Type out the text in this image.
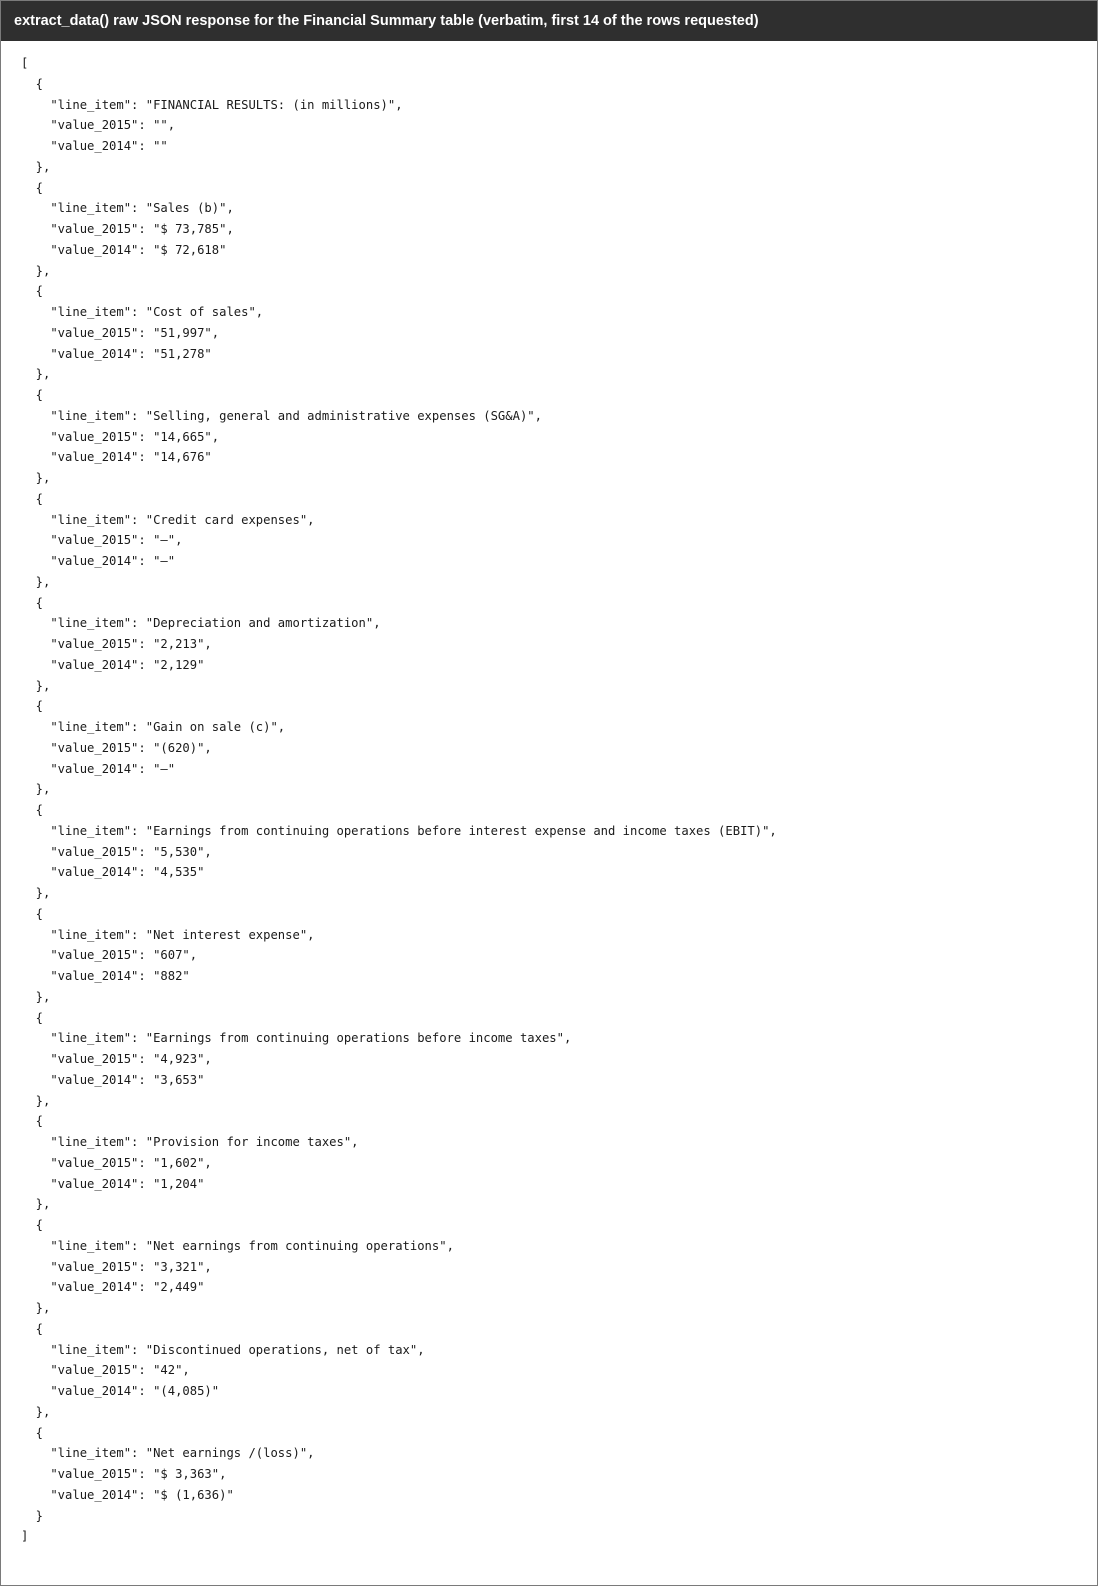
extract_data() raw JSON response for the Financial Summary table (verbatim, first 14 of the rows requested)
[
{
"line_item": "FINANCIAL RESULTS: (in millions)",
"value_2015": "",
"value_2014": ""
},
{
"line_item": "Sales (b)",
"value_2015": "$ 73,785",
"value_2014": "$ 72,618"
},
{
"line_item": "Cost of sales",
"value_2015": "51,997",
"value_2014": "51,278"
},
{
"line_item": "Selling, general and administrative expenses (SG&A)",
"value_2015": "14,665",
"value_2014": "14,676"
},
{
"line_item": "Credit card expenses",
"value_2015": "—",
"value_2014": "—"
},
{
"line_item": "Depreciation and amortization",
"value_2015": "2,213",
"value_2014": "2,129"
},
{
"line_item": "Gain on sale (c)",
"value_2015": "(620)",
"value_2014": "—"
},
{
"line_item": "Earnings from continuing operations before interest expense and income taxes (EBIT)",
"value_2015": "5,530",
"value_2014": "4,535"
},
{
"line_item": "Net interest expense",
"value_2015": "607",
"value_2014": "882"
},
{
"line_item": "Earnings from continuing operations before income taxes",
"value_2015": "4,923",
"value_2014": "3,653"
},
{
"line_item": "Provision for income taxes",
"value_2015": "1,602",
"value_2014": "1,204"
},
{
"line_item": "Net earnings from continuing operations",
"value_2015": "3,321",
"value_2014": "2,449"
},
{
"line_item": "Discontinued operations, net of tax",
"value_2015": "42",
"value_2014": "(4,085)"
},
{
"line_item": "Net earnings /(loss)",
"value_2015": "$ 3,363",
"value_2014": "$ (1,636)"
}
]
